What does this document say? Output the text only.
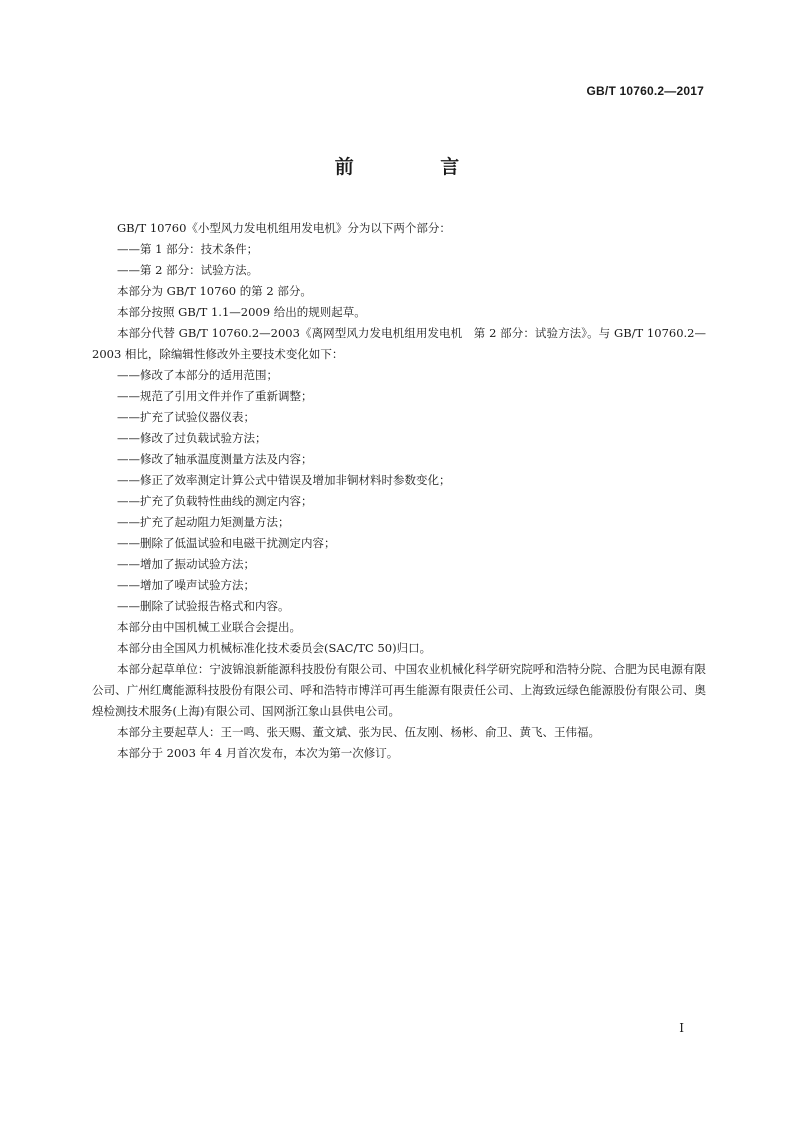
GB/T 10760.2—2017
前 言

GB/T 10760《小型风力发电机组用发电机》分为以下两个部分：

——第 1 部分：技术条件；

——第 2 部分：试验方法。

本部分为 GB/T 10760 的第 2 部分。

本部分按照 GB/T 1.1—2009 给出的规则起草。

本部分代替 GB/T 10760.2—2003《离网型风力发电机组用发电机　第 2 部分：试验方法》。与 GB/T 10760.2—2003 相比，除编辑性修改外主要技术变化如下：

——修改了本部分的适用范围；

——规范了引用文件并作了重新调整；

——扩充了试验仪器仪表；

——修改了过负载试验方法；

——修改了轴承温度测量方法及内容；

——修正了效率测定计算公式中错误及增加非铜材料时参数变化；

——扩充了负载特性曲线的测定内容；

——扩充了起动阻力矩测量方法；

——删除了低温试验和电磁干扰测定内容；

——增加了振动试验方法；

——增加了噪声试验方法；

——删除了试验报告格式和内容。

本部分由中国机械工业联合会提出。

本部分由全国风力机械标准化技术委员会(SAC/TC 50)归口。

本部分起草单位：宁波锦浪新能源科技股份有限公司、中国农业机械化科学研究院呼和浩特分院、合肥为民电源有限公司、广州红鹰能源科技股份有限公司、呼和浩特市博洋可再生能源有限责任公司、上海致远绿色能源股份有限公司、奥煌检测技术服务(上海)有限公司、国网浙江象山县供电公司。

本部分主要起草人：王一鸣、张天赐、董文斌、张为民、伍友刚、杨彬、俞卫、黄飞、王伟福。

本部分于 2003 年 4 月首次发布，本次为第一次修订。

I
